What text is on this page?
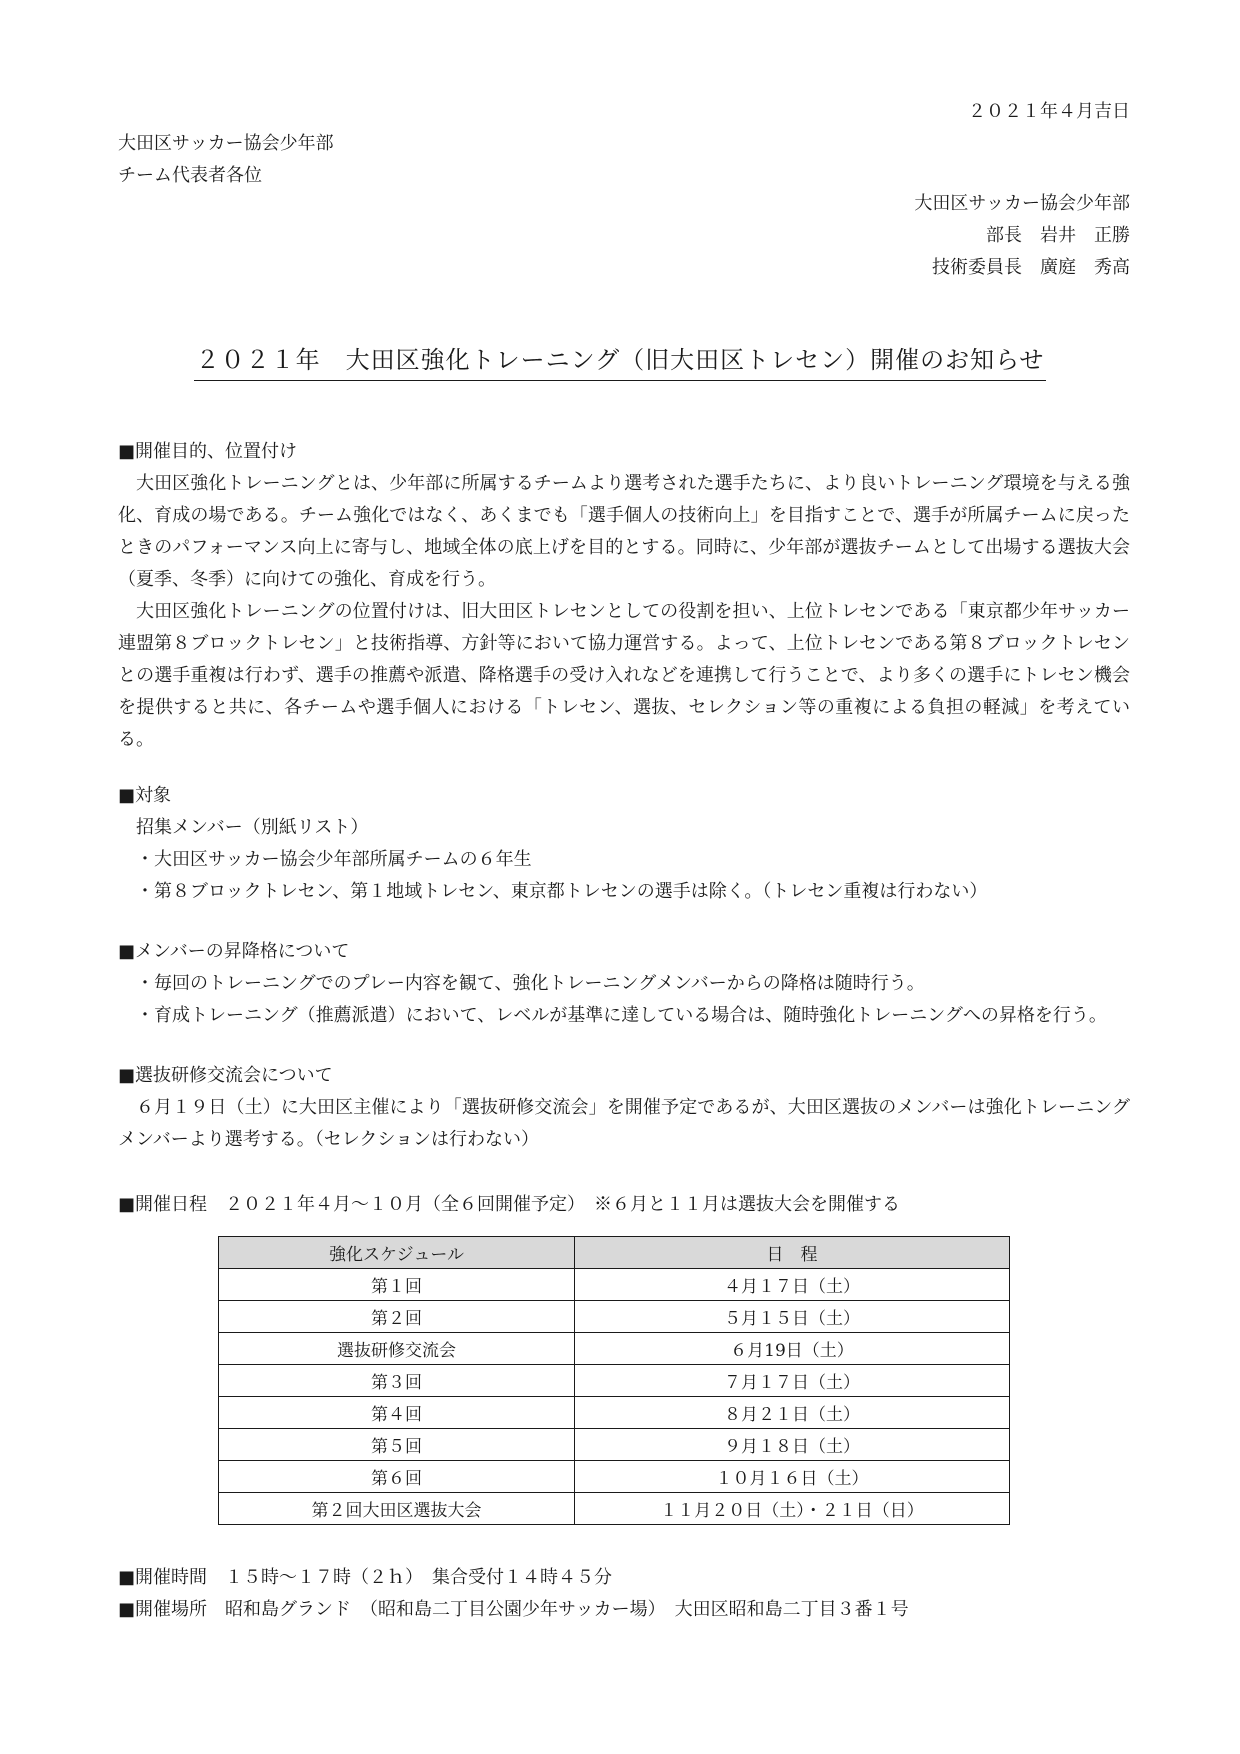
２０２１年４月吉日
大田区サッカー協会少年部
チーム代表者各位
大田区サッカー協会少年部
部長　岩井　正勝
技術委員長　廣庭　秀高
２０２１年　大田区強化トレーニング（旧大田区トレセン）開催のお知らせ
■開催目的、位置付け
大田区強化トレーニングとは、少年部に所属するチームより選考された選手たちに、より良いトレーニング環境を与える強化、育成の場である。チーム強化ではなく、あくまでも「選手個人の技術向上」を目指すことで、選手が所属チームに戻ったときのパフォーマンス向上に寄与し、地域全体の底上げを目的とする。同時に、少年部が選抜チームとして出場する選抜大会（夏季、冬季）に向けての強化、育成を行う。
大田区強化トレーニングの位置付けは、旧大田区トレセンとしての役割を担い、上位トレセンである「東京都少年サッカー連盟第８ブロックトレセン」と技術指導、方針等において協力運営する。よって、上位トレセンである第８ブロックトレセンとの選手重複は行わず、選手の推薦や派遣、降格選手の受け入れなどを連携して行うことで、より多くの選手にトレセン機会を提供すると共に、各チームや選手個人における「トレセン、選抜、セレクション等の重複による負担の軽減」を考えている。
■対象
招集メンバー（別紙リスト）
・大田区サッカー協会少年部所属チームの６年生
・第８ブロックトレセン、第１地域トレセン、東京都トレセンの選手は除く。（トレセン重複は行わない）
■メンバーの昇降格について
・毎回のトレーニングでのプレー内容を観て、強化トレーニングメンバーからの降格は随時行う。
・育成トレーニング（推薦派遣）において、レベルが基準に達している場合は、随時強化トレーニングへの昇格を行う。
■選抜研修交流会について
６月１９日（土）に大田区主催により「選抜研修交流会」を開催予定であるが、大田区選抜のメンバーは強化トレーニングメンバーより選考する。（セレクションは行わない）
■開催日程　２０２１年４月～１０月（全６回開催予定）　※６月と１１月は選抜大会を開催する
強化スケジュール	日　程
第１回	４月１７日（土）
第２回	５月１５日（土）
選抜研修交流会	６月19日（土）
第３回	７月１７日（土）
第４回	８月２１日（土）
第５回	９月１８日（土）
第６回	１０月１６日（土）
第２回大田区選抜大会	１１月２０日（土）・２１日（日）
■開催時間　１５時～１７時（２ｈ）　集合受付１４時４５分
■開催場所　昭和島グランド　（昭和島二丁目公園少年サッカー場）　大田区昭和島二丁目３番１号
